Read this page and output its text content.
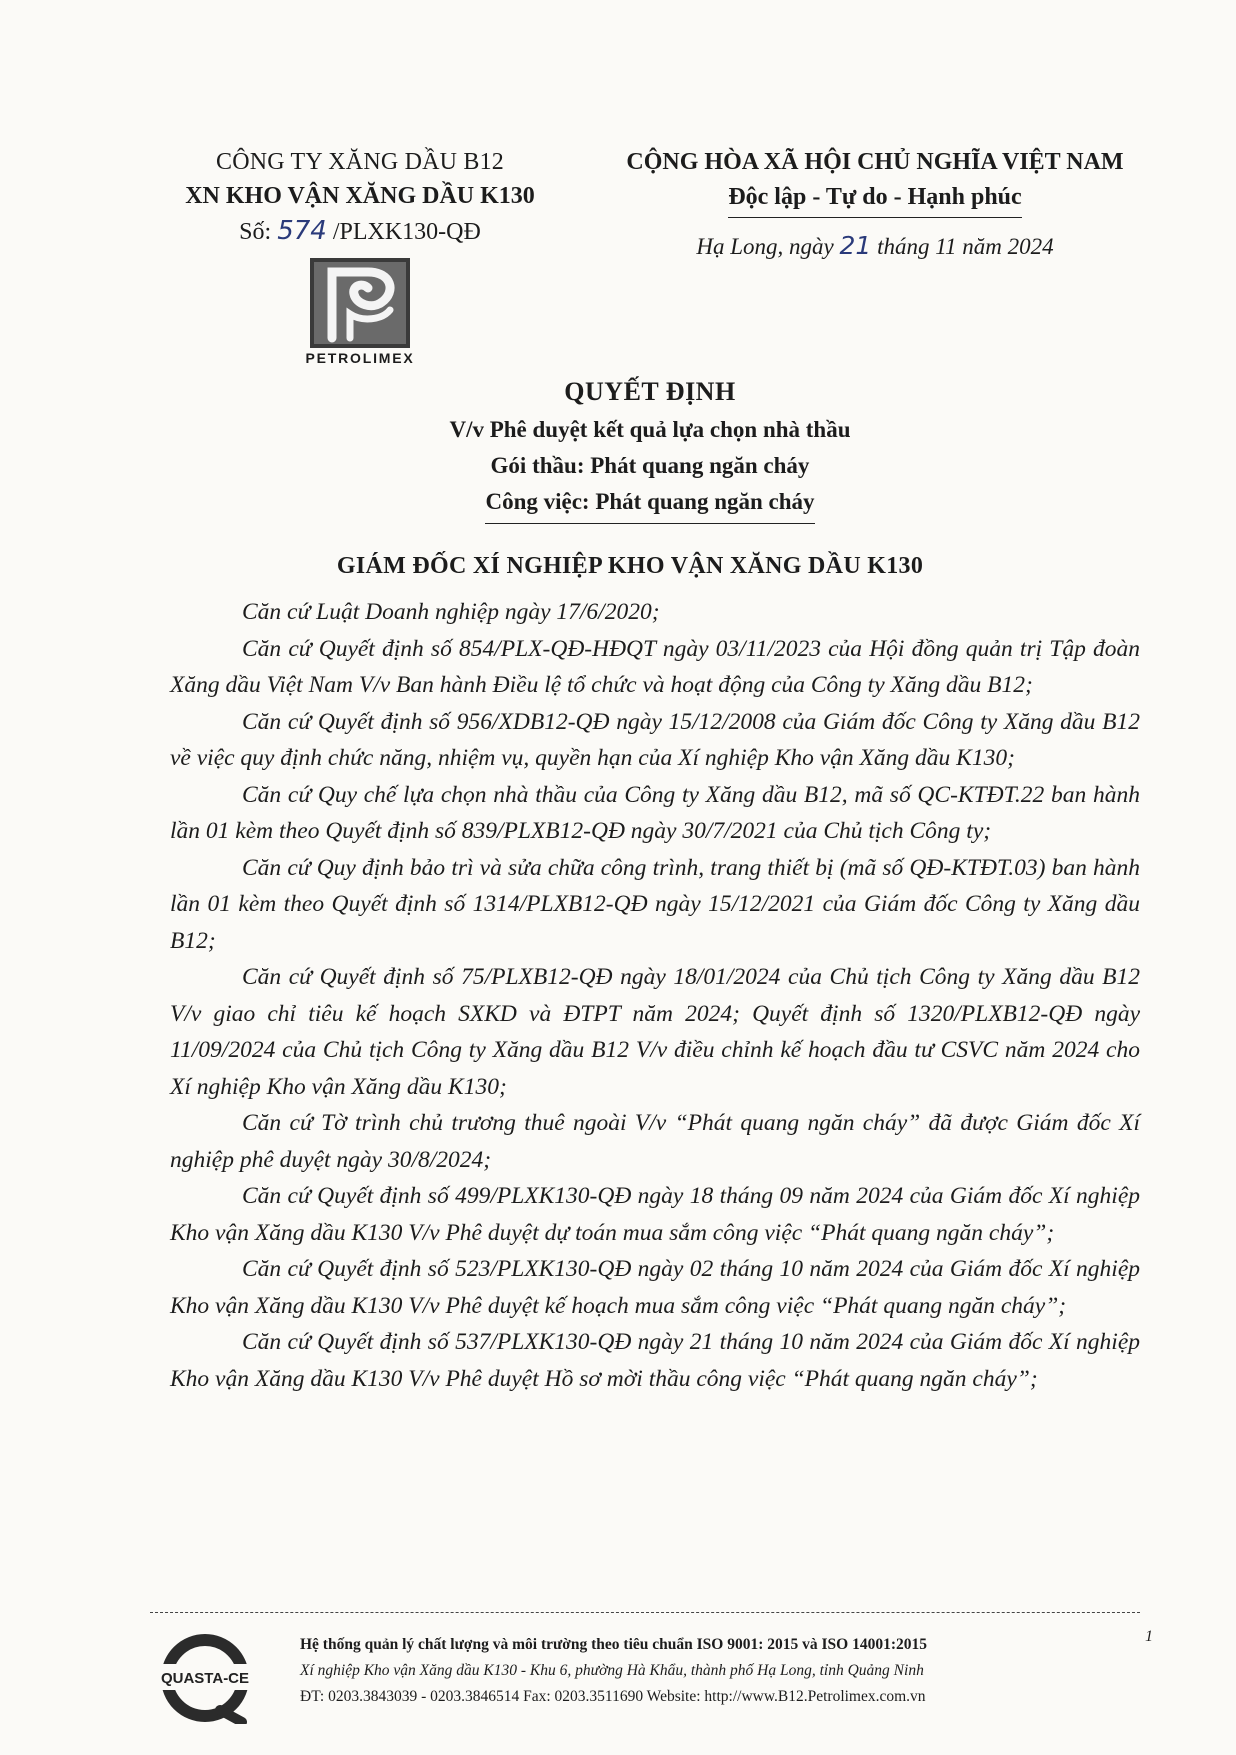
CÔNG TY XĂNG DẦU B12
XN KHO VẬN XĂNG DẦU K130
Số: 574 /PLXK130-QĐ
CỘNG HÒA XÃ HỘI CHỦ NGHĨA VIỆT NAM
Độc lập - Tự do - Hạnh phúc
Hạ Long, ngày 21 tháng 11 năm 2024
PETROLIMEX
QUYẾT ĐỊNH
V/v Phê duyệt kết quả lựa chọn nhà thầu
Gói thầu: Phát quang ngăn cháy
Công việc: Phát quang ngăn cháy
GIÁM ĐỐC XÍ NGHIỆP KHO VẬN XĂNG DẦU K130

Căn cứ Luật Doanh nghiệp ngày 17/6/2020;

Căn cứ Quyết định số 854/PLX-QĐ-HĐQT ngày 03/11/2023 của Hội đồng quản trị Tập đoàn Xăng dầu Việt Nam V/v Ban hành Điều lệ tổ chức và hoạt động của Công ty Xăng dầu B12;

Căn cứ Quyết định số 956/XDB12-QĐ ngày 15/12/2008 của Giám đốc Công ty Xăng dầu B12 về việc quy định chức năng, nhiệm vụ, quyền hạn của Xí nghiệp Kho vận Xăng dầu K130;

Căn cứ Quy chế lựa chọn nhà thầu của Công ty Xăng dầu B12, mã số QC-KTĐT.22 ban hành lần 01 kèm theo Quyết định số 839/PLXB12-QĐ ngày 30/7/2021 của Chủ tịch Công ty;

Căn cứ Quy định bảo trì và sửa chữa công trình, trang thiết bị (mã số QĐ-KTĐT.03) ban hành lần 01 kèm theo Quyết định số 1314/PLXB12-QĐ ngày 15/12/2021 của Giám đốc Công ty Xăng dầu B12;

Căn cứ Quyết định số 75/PLXB12-QĐ ngày 18/01/2024 của Chủ tịch Công ty Xăng dầu B12 V/v giao chỉ tiêu kế hoạch SXKD và ĐTPT năm 2024; Quyết định số 1320/PLXB12-QĐ ngày 11/09/2024 của Chủ tịch Công ty Xăng dầu B12 V/v điều chỉnh kế hoạch đầu tư CSVC năm 2024 cho Xí nghiệp Kho vận Xăng dầu K130;

Căn cứ Tờ trình chủ trương thuê ngoài V/v “Phát quang ngăn cháy” đã được Giám đốc Xí nghiệp phê duyệt ngày 30/8/2024;

Căn cứ Quyết định số 499/PLXK130-QĐ ngày 18 tháng 09 năm 2024 của Giám đốc Xí nghiệp Kho vận Xăng dầu K130 V/v Phê duyệt dự toán mua sắm công việc “Phát quang ngăn cháy”;

Căn cứ Quyết định số 523/PLXK130-QĐ ngày 02 tháng 10 năm 2024 của Giám đốc Xí nghiệp Kho vận Xăng dầu K130 V/v Phê duyệt kế hoạch mua sắm công việc “Phát quang ngăn cháy”;

Căn cứ Quyết định số 537/PLXK130-QĐ ngày 21 tháng 10 năm 2024 của Giám đốc Xí nghiệp Kho vận Xăng dầu K130 V/v Phê duyệt Hồ sơ mời thầu công việc “Phát quang ngăn cháy”;

QUASTA-CE
Hệ thống quản lý chất lượng và môi trường theo tiêu chuẩn ISO 9001: 2015 và ISO 14001:2015
Xí nghiệp Kho vận Xăng dầu K130 - Khu 6, phường Hà Khẩu, thành phố Hạ Long, tỉnh Quảng Ninh
ĐT: 0203.3843039 - 0203.3846514 Fax: 0203.3511690 Website: http://www.B12.Petrolimex.com.vn
1
